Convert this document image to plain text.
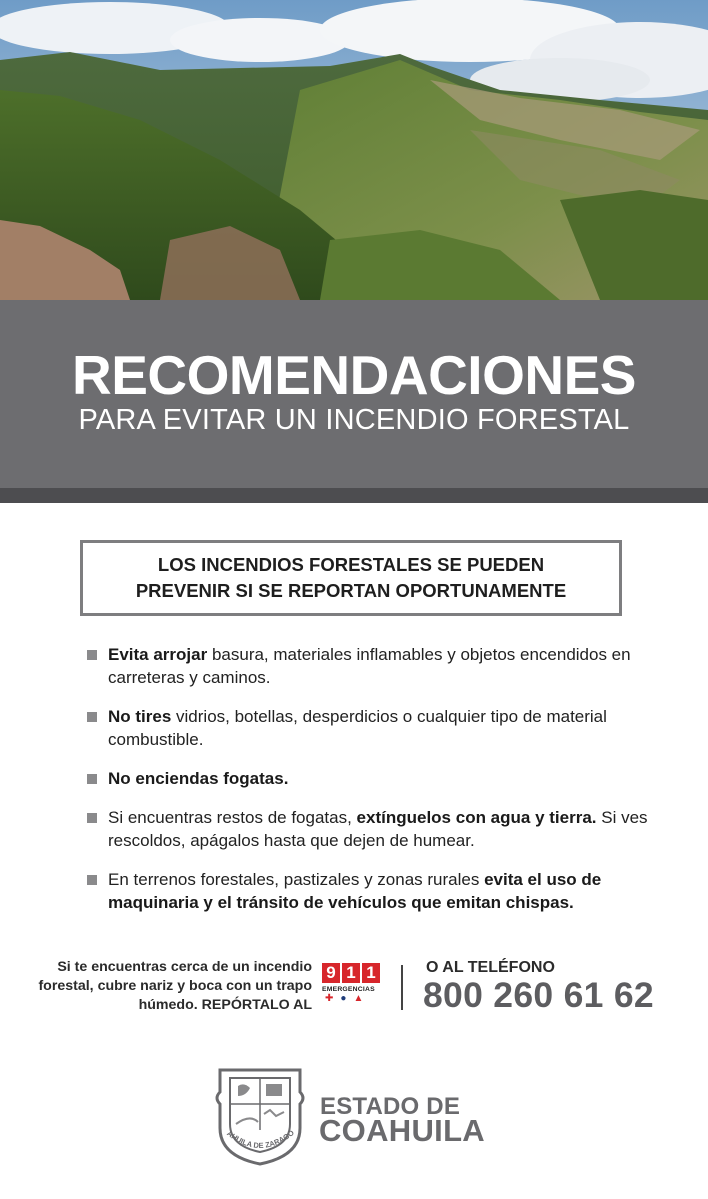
RECOMENDACIONES
PARA EVITAR UN INCENDIO FORESTAL

LOS INCENDIOS FORESTALES SE PUEDEN
PREVENIR SI SE REPORTAN OPORTUNAMENTE

Evita arrojar basura, materiales inflamables y objetos encendidos en carreteras y caminos.
No tires vidrios, botellas, desperdicios o cualquier tipo de material combustible.
No enciendas fogatas.
Si encuentras restos de fogatas, extínguelos con agua y tierra. Si ves rescoldos, apágalos hasta que dejen de humear.
En terrenos forestales, pastizales y zonas rurales evita el uso de maquinaria y el tránsito de vehículos que emitan chispas.
Si te encuentras cerca de un incendio
forestal, cubre nariz y boca con un trapo
húmedo. REPÓRTALO AL
9 1 1
EMERGENCIAS
✚ ● ▲
O AL TELÉFONO
800 260 61 62
AHUILA DE ZARAGO
ESTADO DE
COAHUILA
